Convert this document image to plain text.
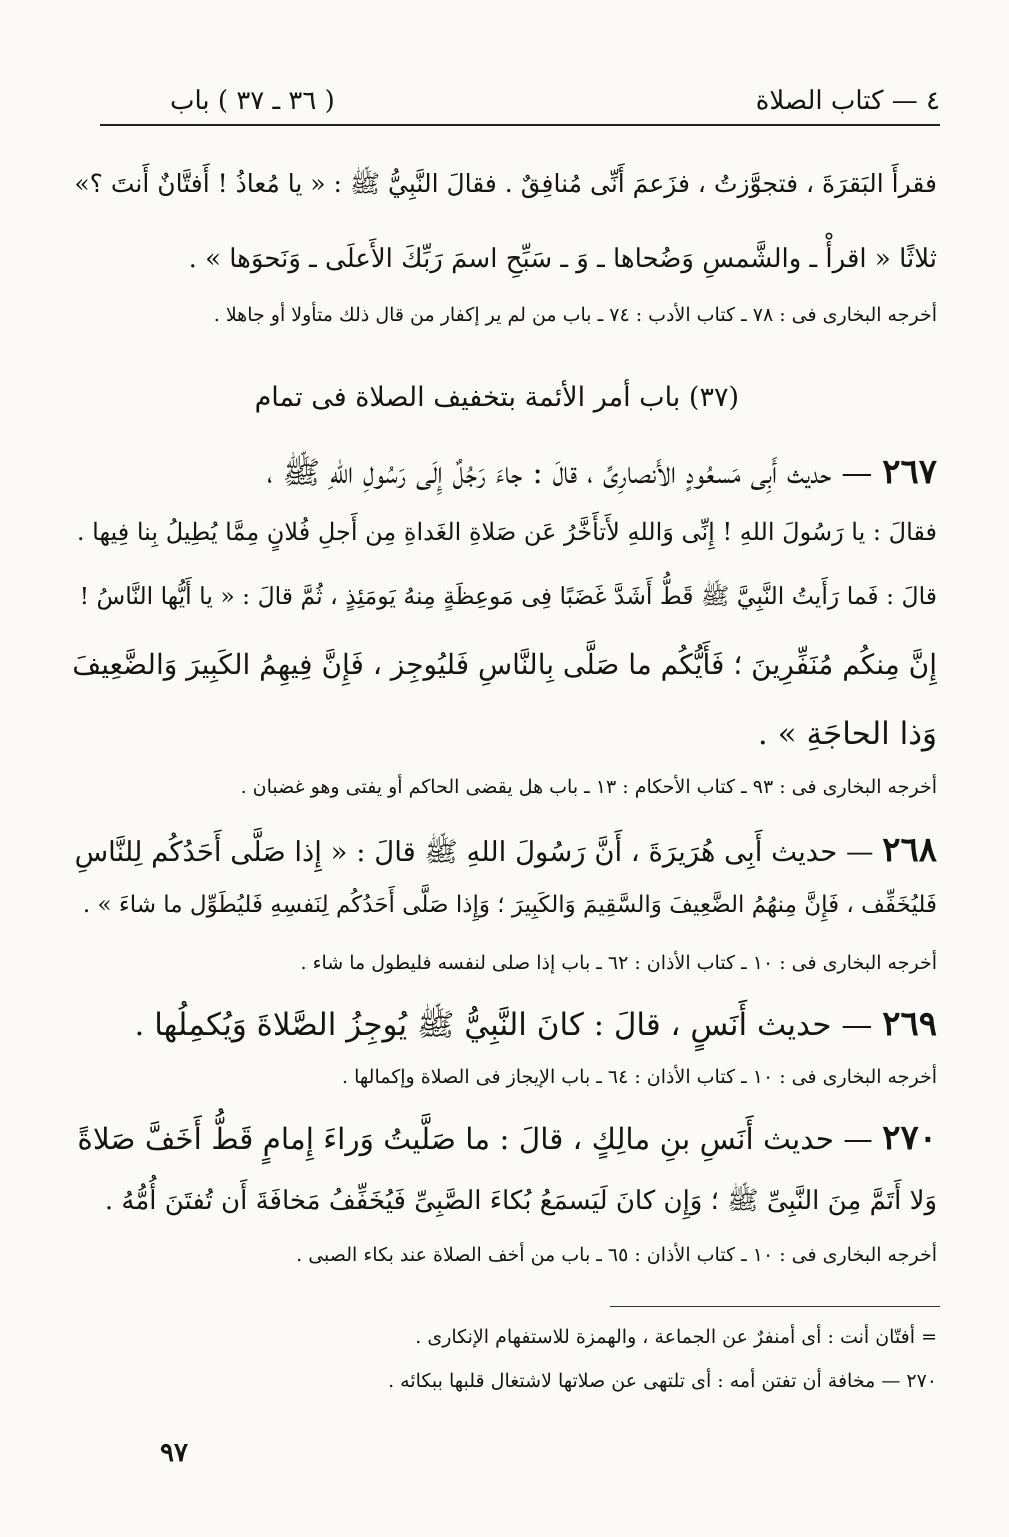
٤ — كتاب الصلاة
( ٣٦ ـ ٣٧ ) باب
فقرأَ البَقرَةَ ، فتجوَّزتُ ، فزَعمَ أَنِّى مُنافِقٌ . فقالَ النَّبِيُّ ﷺ : « يا مُعاذُ ! أَفتَّانٌ أَنتَ ؟»
ثلاثًا « اقرأْ ـ والشَّمسِ وَضُحاها ـ وَ ـ سَبِّحِ اسمَ رَبِّكَ الأَعلَى ـ وَنَحوَها » .
أخرجه البخارى فى : ٧٨ ـ كتاب الأدب : ٧٤ ـ باب من لم ير إكفار من قال ذلك متأولا أو جاهلا .
(٣٧) باب أمر الأئمة بتخفيف الصلاة فى تمام
٢٦٧ — حديث أَبِى مَسعُودٍ الأَنصارِىِّ ، قالَ : جاءَ رَجُلٌ إِلَى رَسُولِ اللهِ ﷺ ،
فقالَ : يا رَسُولَ اللهِ ! إِنِّى وَاللهِ لأَتأَخَّرُ عَن صَلاةِ الغَداةِ مِن أَجلِ فُلانٍ مِمَّا يُطِيلُ بِنا فِيها .
قالَ : فَما رَأَيتُ النَّبِيَّ ﷺ قَطُّ أَشَدَّ غَضَبًا فِى مَوعِظَةٍ مِنهُ يَومَئِذٍ ، ثُمَّ قالَ : « يا أَيُّها النَّاسُ !
إِنَّ مِنكُم مُنَفِّرِينَ ؛ فَأَيُّكُم ما صَلَّى بِالنَّاسِ فَليُوجِز ، فَإِنَّ فِيهِمُ الكَبِيرَ وَالضَّعِيفَ
وَذا الحاجَةِ » .
أخرجه البخارى فى : ٩٣ ـ كتاب الأحكام : ١٣ ـ باب هل يقضى الحاكم أو يفتى وهو غضبان .
٢٦٨ — حديث أَبِى هُرَيرَةَ ، أَنَّ رَسُولَ اللهِ ﷺ قالَ : « إِذا صَلَّى أَحَدُكُم لِلنَّاسِ
فَليُخَفِّف ، فَإِنَّ مِنهُمُ الضَّعِيفَ وَالسَّقِيمَ وَالكَبِيرَ ؛ وَإِذا صَلَّى أَحَدُكُم لِنَفسِهِ فَليُطَوِّل ما شاءَ » .
أخرجه البخارى فى : ١٠ ـ كتاب الأذان : ٦٢ ـ باب إذا صلى لنفسه فليطول ما شاء .
٢٦٩ — حديث أَنَسٍ ، قالَ : كانَ النَّبِيُّ ﷺ يُوجِزُ الصَّلاةَ وَيُكمِلُها .
أخرجه البخارى فى : ١٠ ـ كتاب الأذان : ٦٤ ـ باب الإيجاز فى الصلاة وإكمالها .
٢٧٠ — حديث أَنَسِ بنِ مالِكٍ ، قالَ : ما صَلَّيتُ وَراءَ إِمامٍ قَطُّ أَخَفَّ صَلاةً
وَلا أَتَمَّ مِنَ النَّبِىِّ ﷺ ؛ وَإِن كانَ لَيَسمَعُ بُكاءَ الصَّبِىِّ فَيُخَفِّفُ مَخافَةَ أَن تُفتَنَ أُمُّهُ .
أخرجه البخارى فى : ١٠ ـ كتاب الأذان : ٦٥ ـ باب من أخف الصلاة عند بكاء الصبى .
= أفتّان أنت : أى أمنفرٌ عن الجماعة ، والهمزة للاستفهام الإنكارى .
٢٧٠ — مخافة أن تفتن أمه : أى تلتهى عن صلاتها لاشتغال قلبها ببكائه .
٩٧
